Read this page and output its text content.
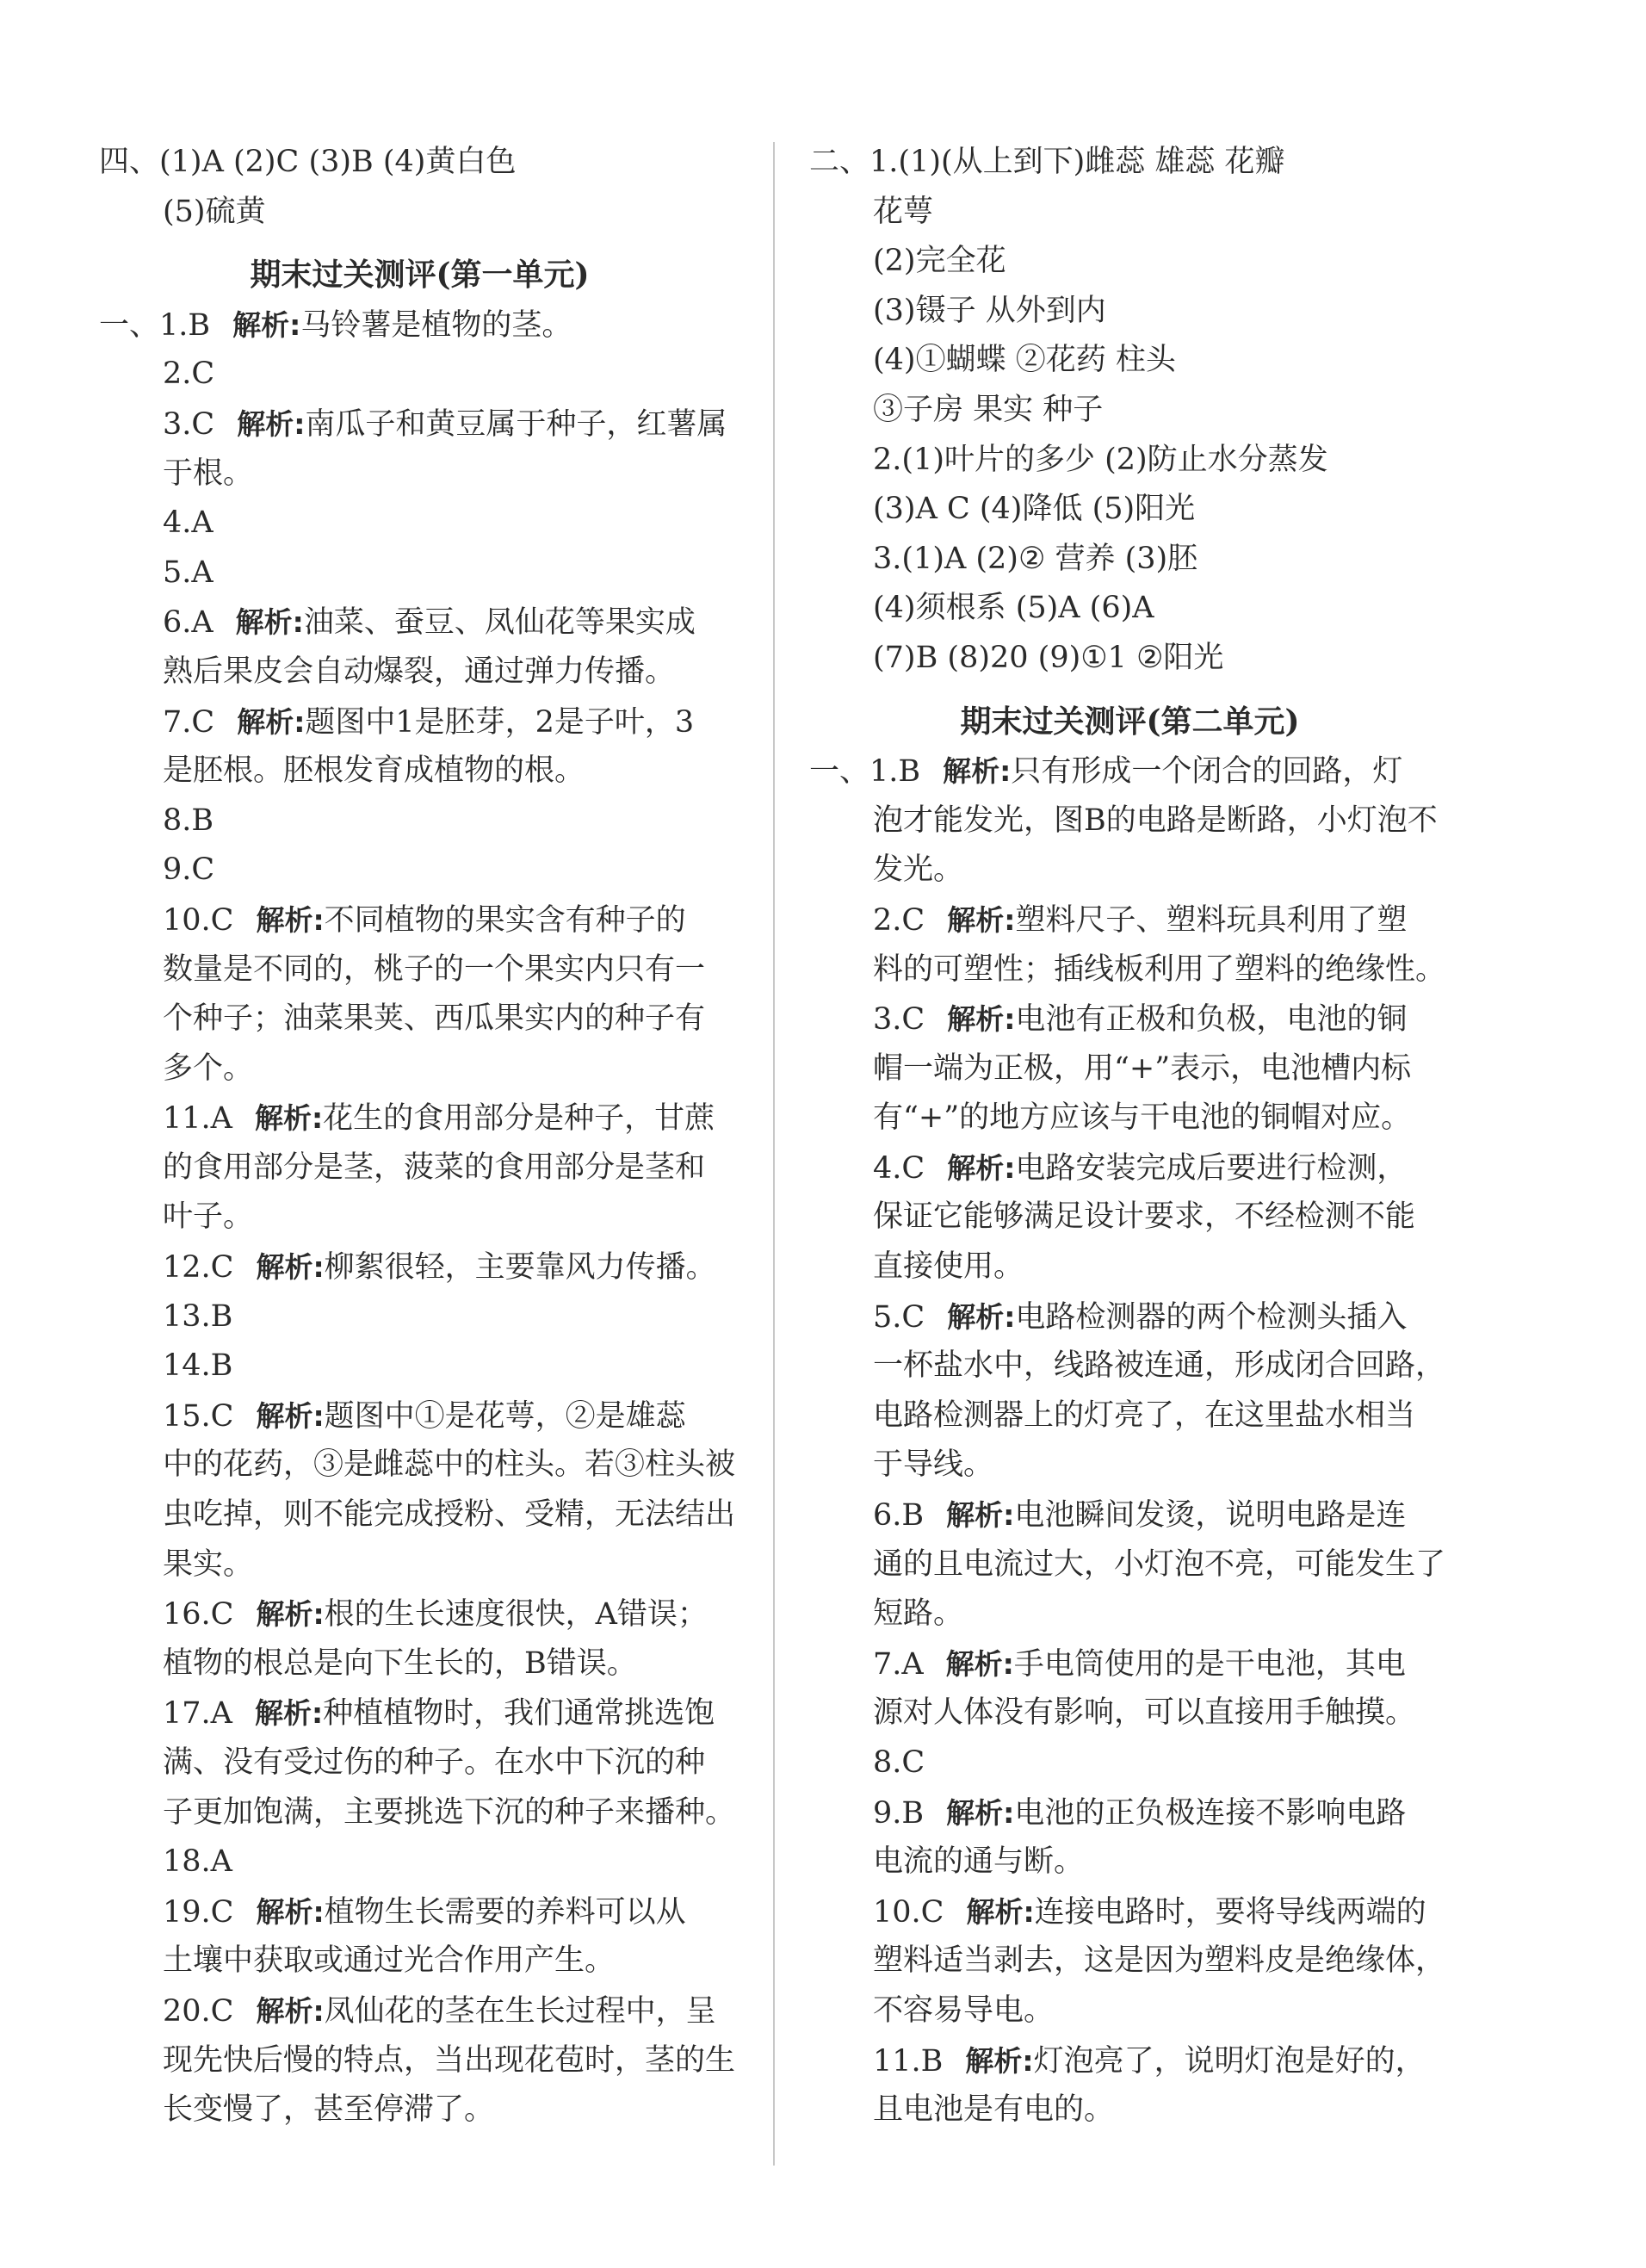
四、(1)A (2)C (3)B (4)黄白色
(5)硫黄
期末过关测评(第一单元)
一、1.B 解析:马铃薯是植物的茎。
2.C
3.C 解析:南瓜子和黄豆属于种子，红薯属
于根。
4.A
5.A
6.A 解析:油菜、蚕豆、凤仙花等果实成
熟后果皮会自动爆裂，通过弹力传播。
7.C 解析:题图中1是胚芽，2是子叶，3
是胚根。胚根发育成植物的根。
8.B
9.C
10.C 解析:不同植物的果实含有种子的
数量是不同的，桃子的一个果实内只有一
个种子；油菜果荚、西瓜果实内的种子有
多个。
11.A 解析:花生的食用部分是种子，甘蔗
的食用部分是茎，菠菜的食用部分是茎和
叶子。
12.C 解析:柳絮很轻，主要靠风力传播。
13.B
14.B
15.C 解析:题图中①是花萼，②是雄蕊
中的花药，③是雌蕊中的柱头。若③柱头被
虫吃掉，则不能完成授粉、受精，无法结出
果实。
16.C 解析:根的生长速度很快，A错误；
植物的根总是向下生长的，B错误。
17.A 解析:种植植物时，我们通常挑选饱
满、没有受过伤的种子。在水中下沉的种
子更加饱满，主要挑选下沉的种子来播种。
18.A
19.C 解析:植物生长需要的养料可以从
土壤中获取或通过光合作用产生。
20.C 解析:凤仙花的茎在生长过程中，呈
现先快后慢的特点，当出现花苞时，茎的生
长变慢了，甚至停滞了。
二、1.(1)(从上到下)雌蕊 雄蕊 花瓣
花萼
(2)完全花
(3)镊子 从外到内
(4)①蝴蝶 ②花药 柱头
③子房 果实 种子
2.(1)叶片的多少 (2)防止水分蒸发
(3)A C (4)降低 (5)阳光
3.(1)A (2)② 营养 (3)胚
(4)须根系 (5)A (6)A
(7)B (8)20 (9)①1 ②阳光
期末过关测评(第二单元)
一、1.B 解析:只有形成一个闭合的回路，灯
泡才能发光，图B的电路是断路，小灯泡不
发光。
2.C 解析:塑料尺子、塑料玩具利用了塑
料的可塑性；插线板利用了塑料的绝缘性。
3.C 解析:电池有正极和负极，电池的铜
帽一端为正极，用“+”表示，电池槽内标
有“+”的地方应该与干电池的铜帽对应。
4.C 解析:电路安装完成后要进行检测，
保证它能够满足设计要求，不经检测不能
直接使用。
5.C 解析:电路检测器的两个检测头插入
一杯盐水中，线路被连通，形成闭合回路，
电路检测器上的灯亮了，在这里盐水相当
于导线。
6.B 解析:电池瞬间发烫，说明电路是连
通的且电流过大，小灯泡不亮，可能发生了
短路。
7.A 解析:手电筒使用的是干电池，其电
源对人体没有影响，可以直接用手触摸。
8.C
9.B 解析:电池的正负极连接不影响电路
电流的通与断。
10.C 解析:连接电路时，要将导线两端的
塑料适当剥去，这是因为塑料皮是绝缘体，
不容易导电。
11.B 解析:灯泡亮了，说明灯泡是好的，
且电池是有电的。
